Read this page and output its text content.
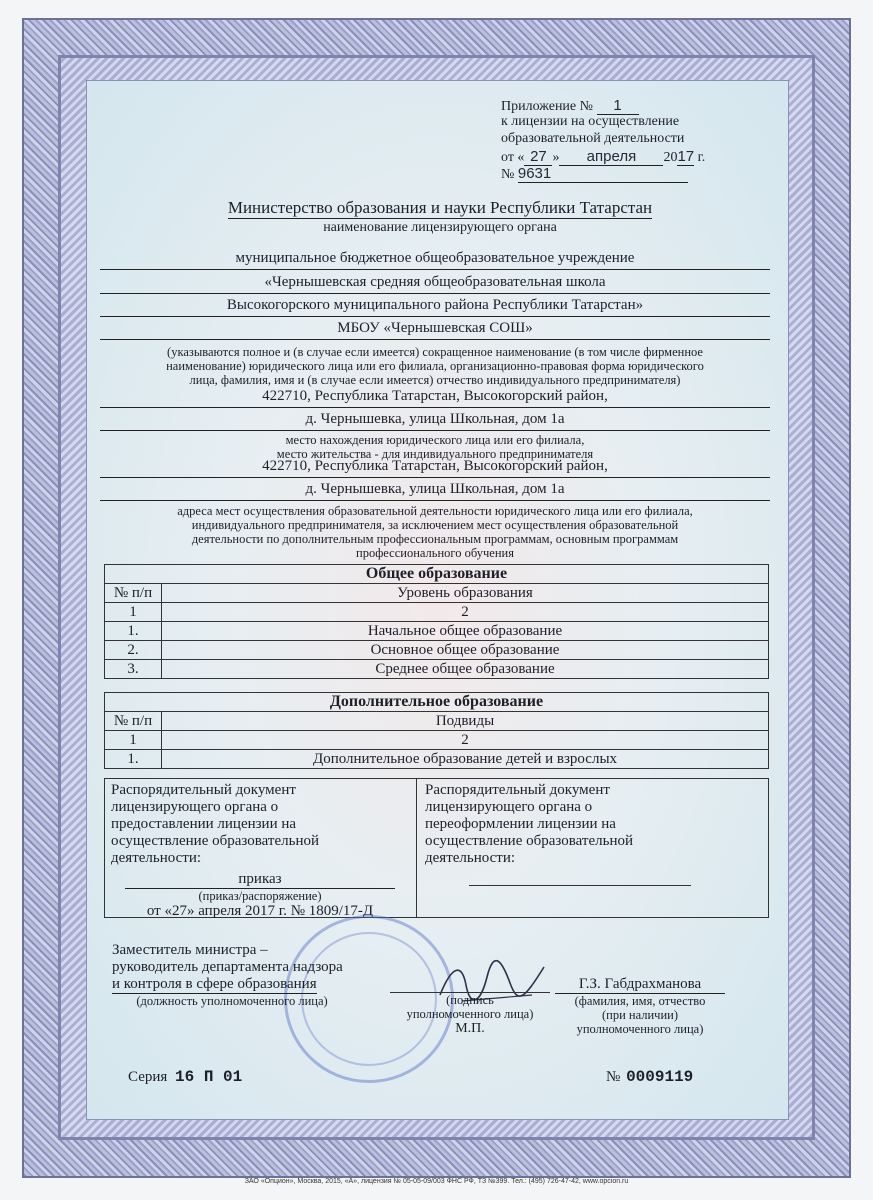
Приложение № 1
к лицензии на осуществление
образовательной деятельности
от « 27 » апреля 2017 г.
№ 9631
Министерство образования и науки Республики Татарстан
наименование лицензирующего органа
муниципальное бюджетное общеобразовательное учреждение
«Чернышевская средняя общеобразовательная школа
Высокогорского муниципального района Республики Татарстан»
МБОУ «Чернышевская СОШ»
(указываются полное и (в случае если имеется) сокращенное наименование (в том числе фирменное
наименование) юридического лица или его филиала, организационно-правовая форма юридического
лица, фамилия, имя и (в случае если имеется) отчество индивидуального предпринимателя)
422710, Республика Татарстан, Высокогорский район,
д. Чернышевка, улица Школьная, дом 1а
место нахождения юридического лица или его филиала,
место жительства - для индивидуального предпринимателя
422710, Республика Татарстан, Высокогорский район,
д. Чернышевка, улица Школьная, дом 1а
адреса мест осуществления образовательной деятельности юридического лица или его филиала,
индивидуального предпринимателя, за исключением мест осуществления образовательной
деятельности по дополнительным профессиональным программам, основным программам
профессионального обучения
Общее образование	
№ п/п	Уровень образования
1	2
1.	Начальное общее образование
2.	Основное общее образование
3.	Среднее общее образование
Дополнительное образование	
№ п/п	Подвиды
1	2
1.	Дополнительное образование детей и взрослых
Распорядительный документ
лицензирующего органа о
предоставлении лицензии на
осуществление образовательной
деятельности:
приказ
(приказ/распоряжение)
от «27» апреля 2017 г. № 1809/17-Д
Распорядительный документ
лицензирующего органа о
переоформлении лицензии на
осуществление образовательной
деятельности:
Заместитель министра –
руководитель департамента надзора
и контроля в сфере образования
(должность уполномоченного лица)	(подпись
уполномоченного лица)
М.П.
Г.З. Габдрахманова
(фамилия, имя, отчество
(при наличии)
уполномоченного лица)
Серия 16 П 01	№ 0009119
ЗАО «Опцион», Москва, 2015, «А», лицензия № 05-05-09/003 ФНС РФ, ТЗ №399. Тел.: (495) 726-47-42, www.opcion.ru
